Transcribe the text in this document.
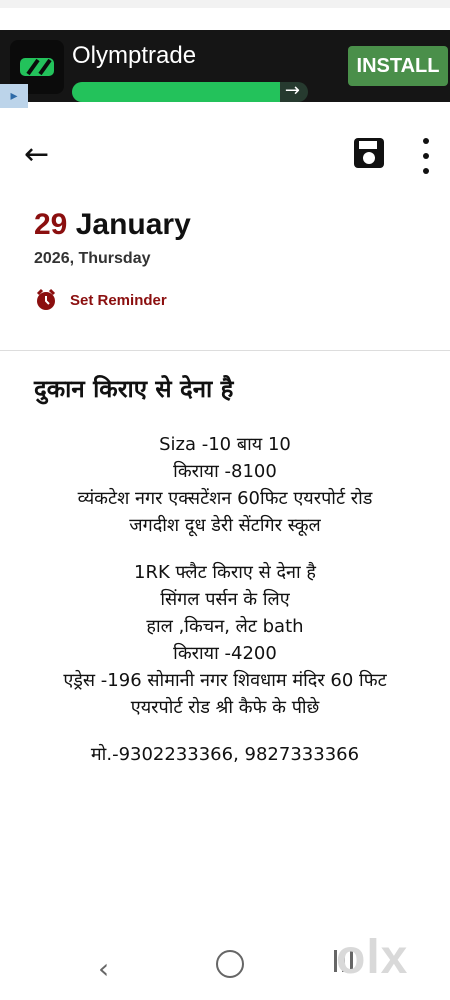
Olymptrade
→
INSTALL
▸
←
29 January
2026, Thursday
Set Reminder
दुकान किराए से देना है
Siza -10 बाय 10
किराया -8100
व्यंकटेश नगर एक्सटेंशन 60फिट एयरपोर्ट रोड
जगदीश दूध डेरी सेंटगिर स्कूल
1RK फ्लैट किराए से देना है
सिंगल पर्सन के लिए
हाल ,किचन, लेट bath
किराया -4200
एड्रेस -196 सोमानी नगर शिवधाम मंदिर 60 फिट
एयरपोर्ट रोड श्री कैफे के पीछे
मो.-9302233366, 9827333366
‹	olx
